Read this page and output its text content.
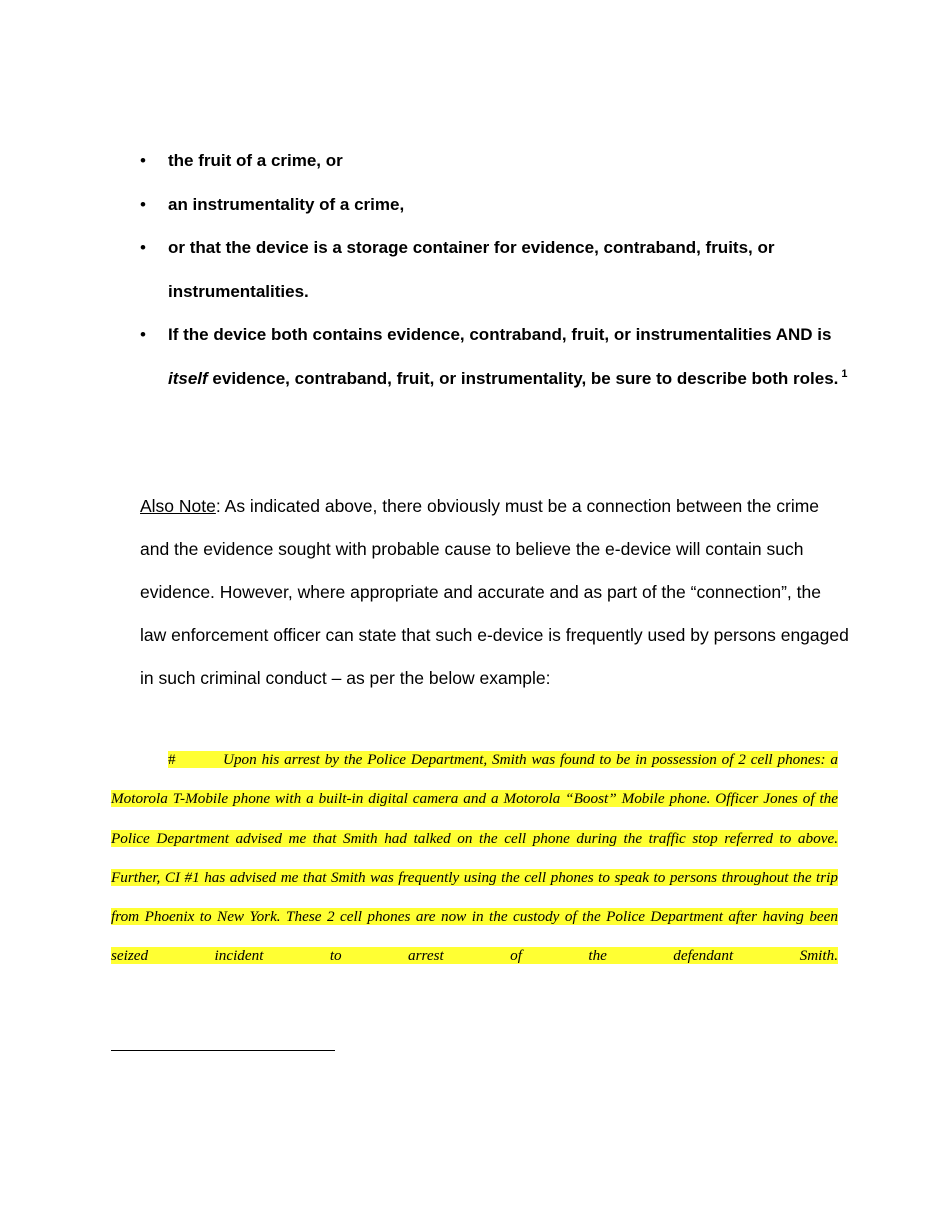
• the fruit of a crime, or
• an instrumentality of a crime,
• or that the device is a storage container for evidence, contraband, fruits, or instrumentalities.
• If the device both contains evidence, contraband, fruit, or instrumentalities AND is itself evidence, contraband, fruit, or instrumentality, be sure to describe both roles. $^1$

Also Note: As indicated above, there obviously must be a connection between the crime and the evidence sought with probable cause to believe the e-device will contain such evidence. However, where appropriate and accurate and as part of the “connection”, the law enforcement officer can state that such e-device is frequently used by persons engaged in such criminal conduct – as per the below example:

#	Upon his arrest by the Police Department, Smith was found to be in possession of 2 cell phones: a Motorola T-Mobile phone with a built-in digital camera and a Motorola “Boost” Mobile phone. Officer Jones of the Police Department advised me that Smith had talked on the cell phone during the traffic stop referred to above. Further, CI #1 has advised me that Smith was frequently using the cell phones to speak to persons throughout the trip from Phoenix to New York. These 2 cell phones are now in the custody of the Police Department after having been seized incident to arrest of the defendant Smith.
